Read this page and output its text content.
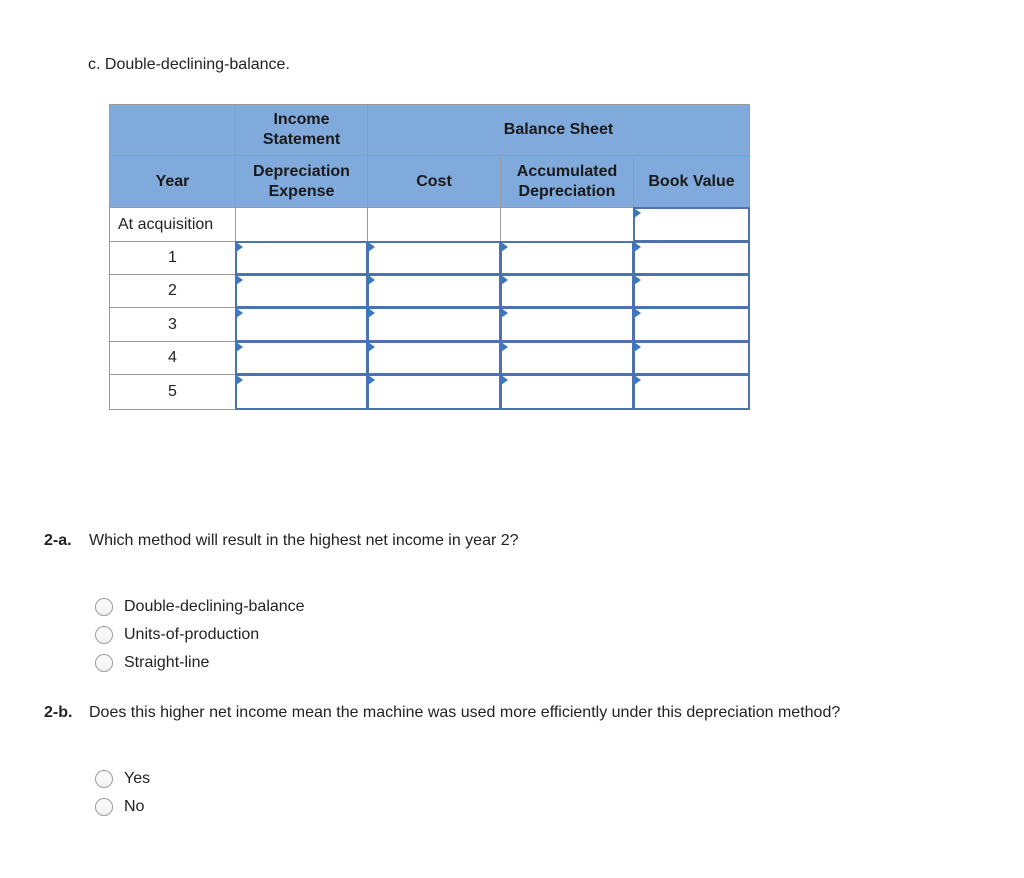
c. Double-declining-balance.
Income Statement
Balance Sheet
Year
Depreciation Expense
Cost
Accumulated Depreciation
Book Value
At acquisition
1
2
3
4
5
2-a. Which method will result in the highest net income in year 2?
Double-declining-balance
Units-of-production
Straight-line
2-b. Does this higher net income mean the machine was used more efficiently under this depreciation method?
Yes
No
